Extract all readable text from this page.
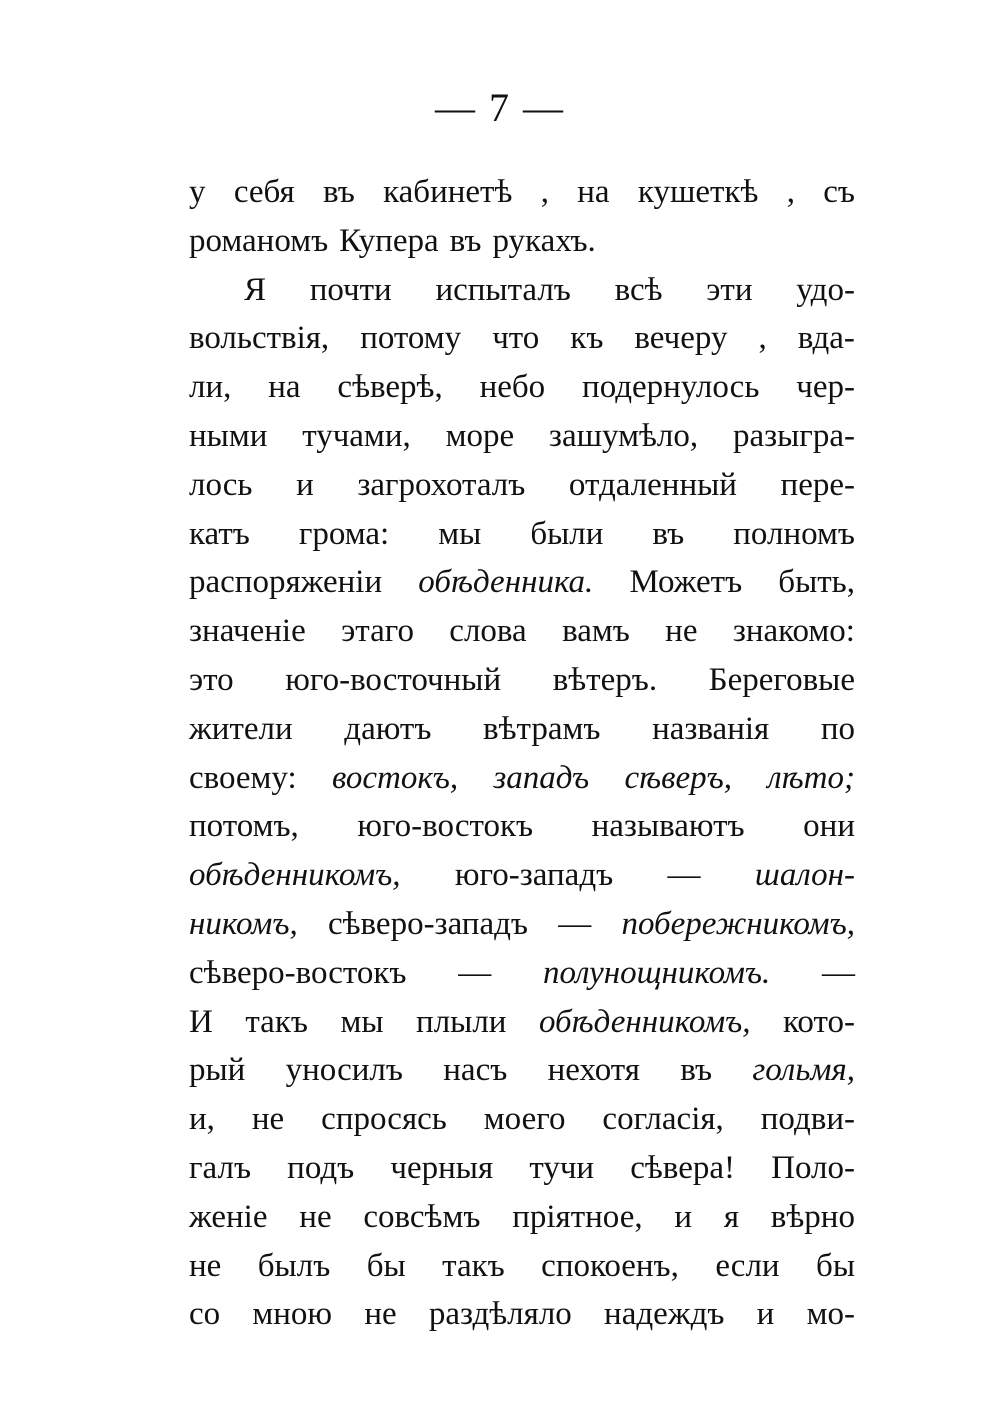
— 7 —
у себя въ кабинетѣ , на кушеткѣ , съ
романомъ Купера въ рукахъ.
Я почти испыталъ всѣ эти удо-
вольствія, потому что къ вечеру , вда-
ли, на сѣверѣ, небо подернулось чер-
ными тучами, море зашумѣло, разыгра-
лось и загрохоталъ отдаленный пере-
катъ грома: мы были въ полномъ
распоряженіи обѣденника. Можетъ быть,
значеніе этаго слова вамъ не знакомо:
это юго-восточный вѣтеръ. Береговые
жители даютъ вѣтрамъ названія по
своему: востокъ, западъ сѣверъ, лѣто;
потомъ, юго-востокъ называютъ они
обѣденникомъ, юго-западъ — шалон-
никомъ, сѣверо-западъ — побережникомъ,
сѣверо-востокъ — полунощникомъ. —
И такъ мы плыли обѣденникомъ, кото-
рый уносилъ насъ нехотя въ гольмя,
и, не спросясь моего согласія, подви-
галъ подъ черныя тучи сѣвера! Поло-
женіе не совсѣмъ пріятное, и я вѣрно
не былъ бы такъ спокоенъ, если бы
со мною не раздѣляло надеждъ и мо-
